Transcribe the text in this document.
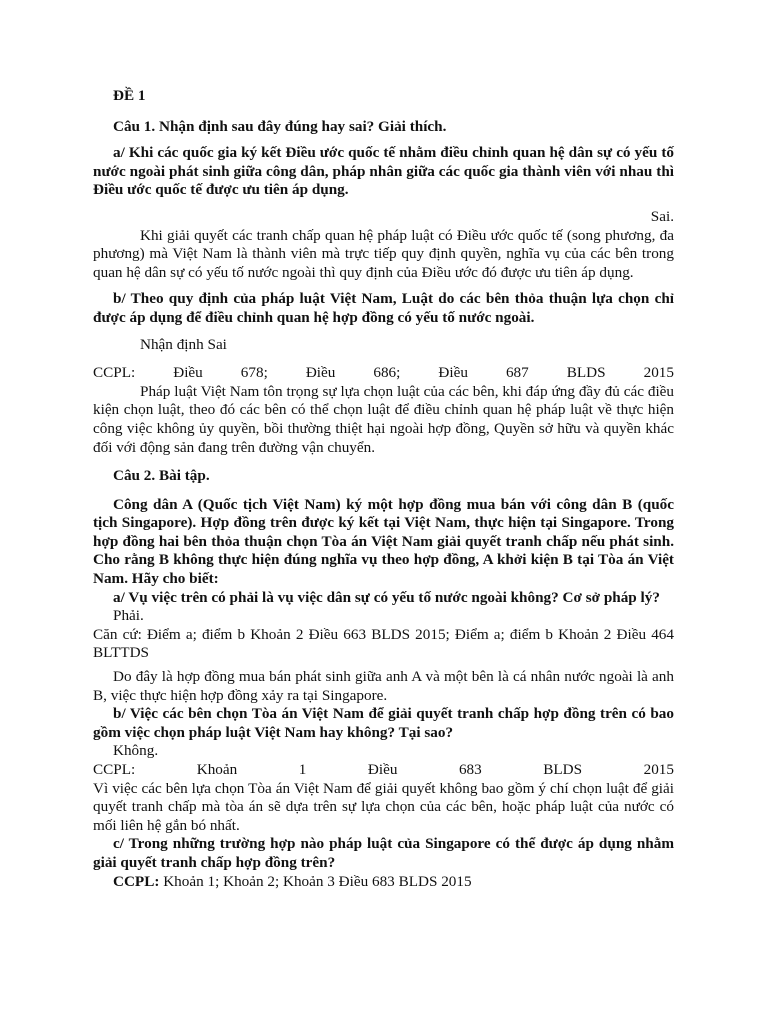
ĐỀ 1

Câu 1. Nhận định sau đây đúng hay sai? Giải thích.

a/ Khi các quốc gia ký kết Điều ước quốc tế nhằm điều chỉnh quan hệ dân sự có yếu tố nước ngoài phát sinh giữa công dân, pháp nhân giữa các quốc gia thành viên với nhau thì Điều ước quốc tế được ưu tiên áp dụng.

Sai.

Khi giải quyết các tranh chấp quan hệ pháp luật có Điều ước quốc tế (song phương, đa phương) mà Việt Nam là thành viên mà trực tiếp quy định quyền, nghĩa vụ của các bên trong quan hệ dân sự có yếu tố nước ngoài thì quy định của Điều ước đó được ưu tiên áp dụng.

b/ Theo quy định của pháp luật Việt Nam, Luật do các bên thỏa thuận lựa chọn chỉ được áp dụng để điều chỉnh quan hệ hợp đồng có yếu tố nước ngoài.

Nhận định Sai

CCPL: Điều 678; Điều 686; Điều 687 BLDS 2015

Pháp luật Việt Nam tôn trọng sự lựa chọn luật của các bên, khi đáp ứng đầy đủ các điều kiện chọn luật, theo đó các bên có thể chọn luật để điều chỉnh quan hệ pháp luật về thực hiện công việc không ủy quyền, bồi thường thiệt hại ngoài hợp đồng, Quyền sở hữu và quyền khác đối với động sản đang trên đường vận chuyển.

Câu 2. Bài tập.

Công dân A (Quốc tịch Việt Nam) ký một hợp đồng mua bán với công dân B (quốc tịch Singapore). Hợp đồng trên được ký kết tại Việt Nam, thực hiện tại Singapore. Trong hợp đồng hai bên thỏa thuận chọn Tòa án Việt Nam giải quyết tranh chấp nếu phát sinh. Cho rằng B không thực hiện đúng nghĩa vụ theo hợp đồng, A khởi kiện B tại Tòa án Việt Nam. Hãy cho biết:

a/ Vụ việc trên có phải là vụ việc dân sự có yếu tố nước ngoài không? Cơ sở pháp lý?

Phải.

Căn cứ: Điểm a; điểm b Khoản 2 Điều 663 BLDS 2015; Điểm a; điểm b Khoản 2 Điều 464 BLTTDS

Do đây là hợp đồng mua bán phát sinh giữa anh A và một bên là cá nhân nước ngoài là anh B, việc thực hiện hợp đồng xảy ra tại Singapore.

b/ Việc các bên chọn Tòa án Việt Nam để giải quyết tranh chấp hợp đồng trên có bao gồm việc chọn pháp luật Việt Nam hay không? Tại sao?

Không.

CCPL: Khoản 1 Điều 683 BLDS 2015

Vì việc các bên lựa chọn Tòa án Việt Nam để giải quyết không bao gồm ý chí chọn luật để giải quyết tranh chấp mà tòa án sẽ dựa trên sự lựa chọn của các bên, hoặc pháp luật của nước có mối liên hệ gắn bó nhất.

c/ Trong những trường hợp nào pháp luật của Singapore có thể được áp dụng nhằm giải quyết tranh chấp hợp đồng trên?

CCPL: Khoản 1; Khoản 2; Khoản 3 Điều 683 BLDS 2015
